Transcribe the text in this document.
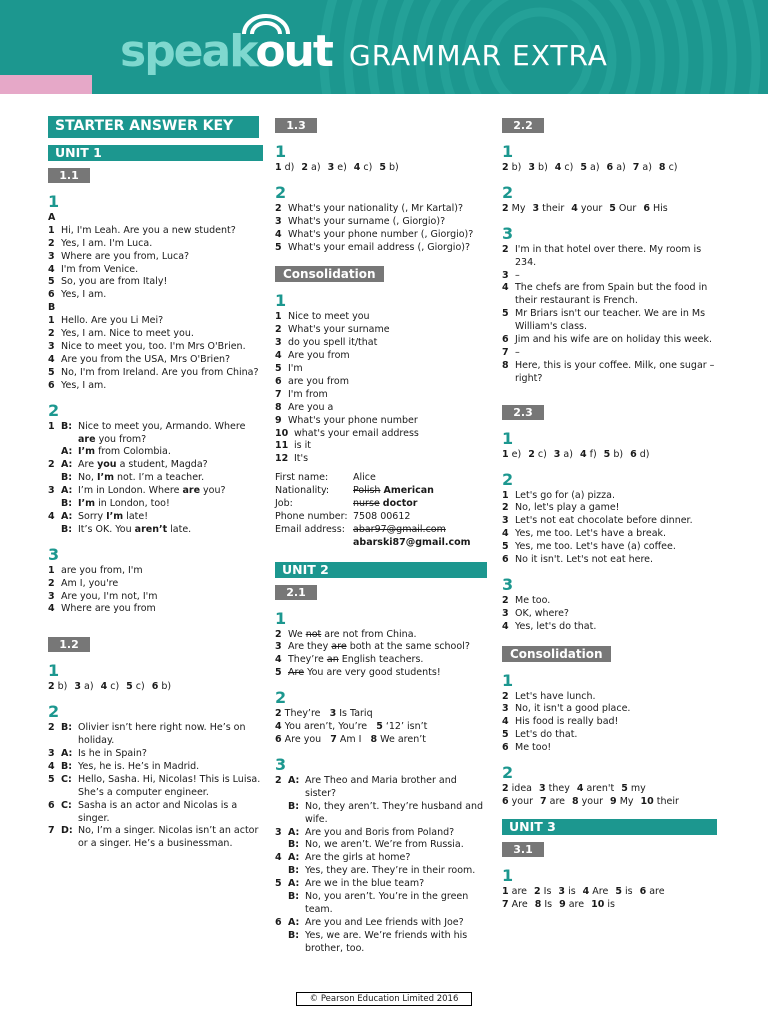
speakout GRAMMAR EXTRA
STARTER ANSWER KEY
UNIT 1
1.1
1
A
1 Hi, I'm Leah. Are you a new student?
2 Yes, I am. I'm Luca.
3 Where are you from, Luca?
4 I'm from Venice.
5 So, you are from Italy!
6 Yes, I am.
B
1 Hello. Are you Li Mei?
2 Yes, I am. Nice to meet you.
3 Nice to meet you, too. I'm Mrs O'Brien.
4 Are you from the USA, Mrs O'Brien?
5 No, I'm from Ireland. Are you from China?
6 Yes, I am.
2
1 B: Nice to meet you, Armando. Where are you from?
A: I’m from Colombia.
2 A: Are you a student, Magda?
B: No, I’m not. I’m a teacher.
3 A: I’m in London. Where are you?
B: I’m in London, too!
4 A: Sorry I’m late!
B: It’s OK. You aren’t late.
3
1 are you from, I'm
2 Am I, you're
3 Are you, I'm not, I'm
4 Where are you from
1.2
1
2 b) 3 a) 4 c) 5 c) 6 b)
2
2 B: Olivier isn’t here right now. He’s on holiday.
3 A: Is he in Spain?
4 B: Yes, he is. He’s in Madrid.
5 C: Hello, Sasha. Hi, Nicolas! This is Luisa. She’s a computer engineer.
6 C: Sasha is an actor and Nicolas is a singer.
7 D: No, I’m a singer. Nicolas isn’t an actor or a singer. He’s a businessman.
1.3
1
1 d) 2 a) 3 e) 4 c) 5 b)
2
2 What's your nationality (, Mr Kartal)?
3 What's your surname (, Giorgio)?
4 What's your phone number (, Giorgio)?
5 What's your email address (, Giorgio)?
Consolidation
1
1 Nice to meet you
2 What's your surname
3 do you spell it/that
4 Are you from
5 I'm
6 are you from
7 I'm from
8 Are you a
9 What's your phone number
10 what's your email address
11 is it
12 It's
First name:	Alice
Nationality:	Polish American
Job:	nurse doctor
Phone number: 7508 00612
Email address: abar97@gmail.com
abarski87@gmail.com
UNIT 2
2.1
1
2 We not are not from China.
3 Are they are both at the same school?
4 They’re an English teachers.
5 Are You are very good students!
2
2 They’re   3 Is Tariq
4 You aren’t, You’re   5 ‘12’ isn’t
6 Are you   7 Am I   8 We aren’t
3
2 A: Are Theo and Maria brother and sister?
B: No, they aren’t. They’re husband and wife.
3 A: Are you and Boris from Poland?
B: No, we aren’t. We’re from Russia.
4 A: Are the girls at home?
B: Yes, they are. They’re in their room.
5 A: Are we in the blue team?
B: No, you aren’t. You’re in the green team.
6 A: Are you and Lee friends with Joe?
B: Yes, we are. We’re friends with his brother, too.
2.2
1
2 b) 3 b) 4 c) 5 a) 6 a) 7 a) 8 c)
2
2 My 3 their 4 your 5 Our 6 His
3
2 I'm in that hotel over there. My room is 234.
3 –
4 The chefs are from Spain but the food in their restaurant is French.
5 Mr Briars isn't our teacher. We are in Ms William's class.
6 Jim and his wife are on holiday this week.
7 –
8 Here, this is your coffee. Milk, one sugar – right?
2.3
1
1 e) 2 c) 3 a) 4 f) 5 b) 6 d)
2
1 Let's go for (a) pizza.
2 No, let's play a game!
3 Let's not eat chocolate before dinner.
4 Yes, me too. Let's have a break.
5 Yes, me too. Let's have (a) coffee.
6 No it isn't. Let's not eat here.
3
2 Me too.
3 OK, where?
4 Yes, let's do that.
Consolidation
1
2 Let's have lunch.
3 No, it isn't a good place.
4 His food is really bad!
5 Let's do that.
6 Me too!
2
2 idea 3 they 4 aren't 5 my
6 your 7 are 8 your 9 My 10 their
UNIT 3
3.1
1
1 are 2 Is 3 is 4 Are 5 is 6 are
7 Are 8 Is 9 are 10 is
© Pearson Education Limited 2016
